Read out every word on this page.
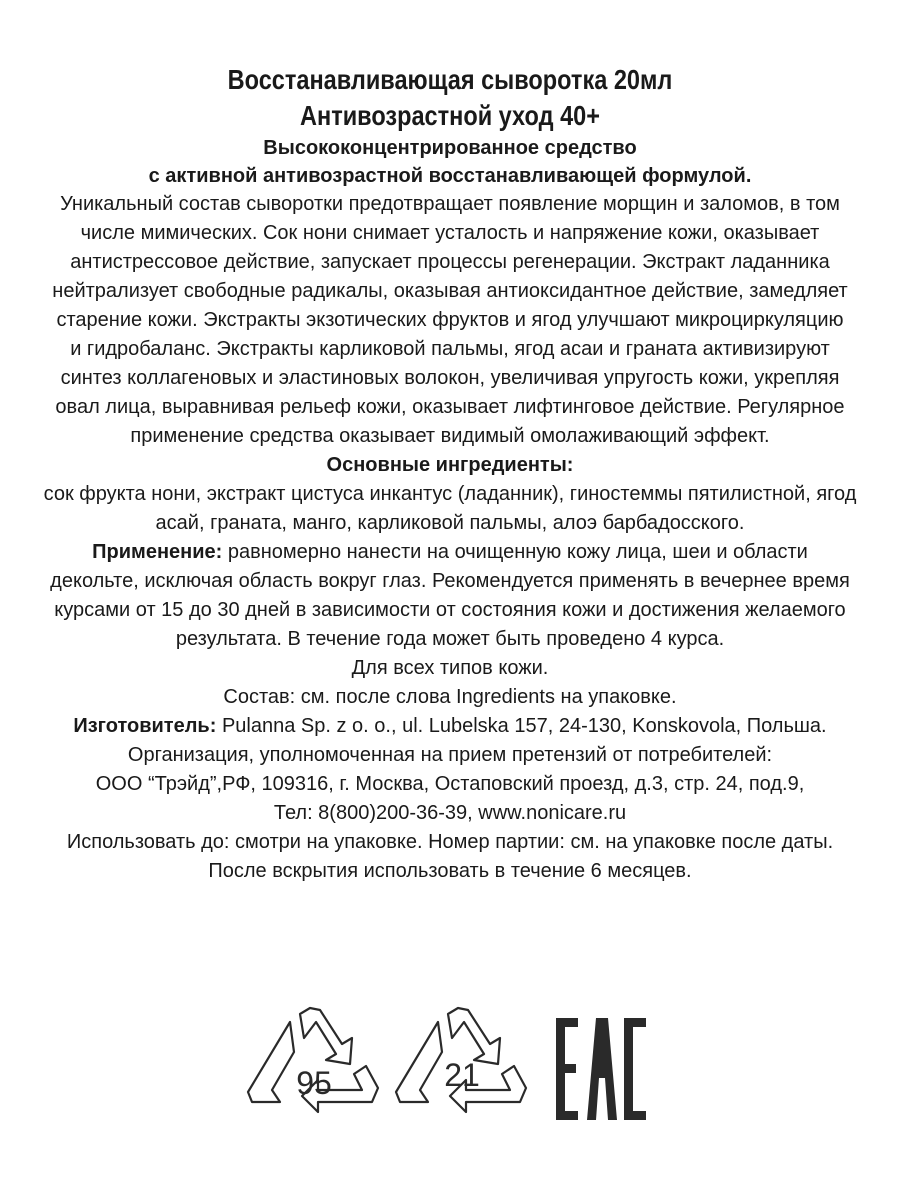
Восстанавливающая сыворотка 20мл
Антивозрастной уход 40+
Высококонцентрированное средство
с активной антивозрастной восстанавливающей формулой.
Уникальный состав сыворотки предотвращает появление морщин и заломов, в том числе мимических. Сок нони снимает усталость и напряжение кожи, оказывает антистрессовое действие, запускает процессы регенерации. Экстракт ладанника нейтрализует свободные радикалы, оказывая антиоксидантное действие, замедляет старение кожи. Экстракты экзотических фруктов и ягод улучшают микроциркуляцию и гидробаланс. Экстракты карликовой пальмы, ягод асаи и граната активизируют синтез коллагеновых и эластиновых волокон, увеличивая упругость кожи, укрепляя овал лица, выравнивая рельеф кожи, оказывает лифтинговое действие. Регулярное применение средства оказывает видимый омолаживающий эффект.
Основные ингредиенты:
сок фрукта нони, экстракт цистуса инкантус (ладанник), гиностеммы пятилистной, ягод асай, граната, манго, карликовой пальмы, алоэ барбадосского.
Применение: равномерно нанести на очищенную кожу лица, шеи и области декольте, исключая область вокруг глаз. Рекомендуется применять в вечернее время курсами от 15 до 30 дней в зависимости от состояния кожи и достижения желаемого результата. В течение года может быть проведено 4 курса.
Для всех типов кожи.
Состав: см. после слова Ingredients на упаковке.
Изготовитель: Pulanna Sp. z o. o., ul. Lubelska 157, 24-130, Konskovola, Польша.
Организация, уполномоченная на прием претензий от потребителей:
ООО “Трэйд”,РФ, 109316, г. Москва, Остаповский проезд, д.3, стр. 24, под.9,
Тел: 8(800)200-36-39, www.nonicare.ru
Использовать до: смотри на упаковке. Номер партии: см. на упаковке после даты.
После вскрытия использовать в течение 6 месяцев.
95	21
